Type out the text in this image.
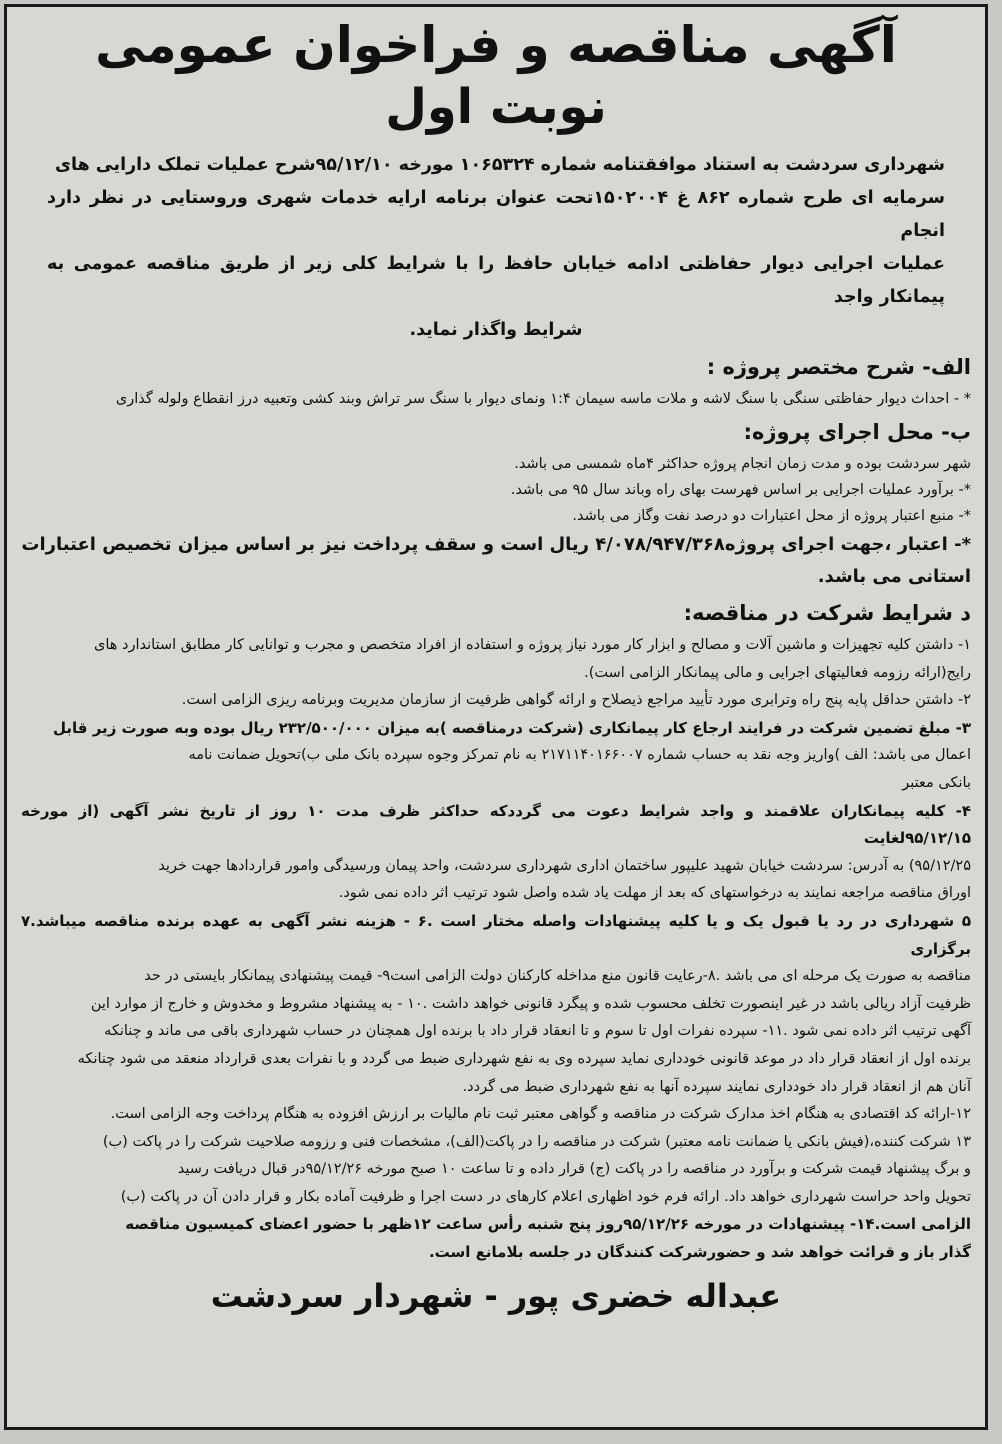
آگهی مناقصه و فراخوان عمومی
نوبت اول
شهرداری سردشت به استناد موافقتنامه شماره ۱۰۶۵۳۲۴ مورخه ۹۵/۱۲/۱۰شرح عملیات تملک دارایی های
سرمایه ای طرح شماره ۸۶۲ غ ۱۵۰۲۰۰۴تحت عنوان برنامه ارایه خدمات شهری وروستایی در نظر دارد انجام
عملیات اجرایی دیوار حفاظتی ادامه خیابان حافظ را با شرایط کلی زیر از طریق مناقصه عمومی به پیمانکار واجد
شرایط واگذار نماید.
الف- شرح مختصر پروژه :

* - احداث دیوار حفاظتی سنگی با سنگ لاشه و ملات ماسه سیمان ۱:۴ ونمای دیوار با سنگ سر تراش وبند کشی وتعبیه درز انقطاع ولوله گذاری

ب- محل اجرای پروژه:

شهر سردشت بوده و مدت زمان انجام پروژه حداکثر ۴ماه شمسی می باشد.

*- برآورد عملیات اجرایی بر اساس فهرست بهای راه وباند سال ۹۵ می باشد.

*- منبع اعتبار پروژه از محل اعتبارات دو درصد نفت وگاز می باشد.

*- اعتبار ،جهت اجرای پروژه۴/۰۷۸/۹۴۷/۳۶۸ ریال است و سقف پرداخت نیز بر اساس میزان تخصیص اعتبارات

استانی می باشد.

د شرایط شرکت در مناقصه:

۱- داشتن کلیه تجهیزات و ماشین آلات و مصالح و ابزار کار مورد نیاز پروژه و استفاده از افراد متخصص و مجرب و توانایی کار مطابق استاندارد های

رایج(ارائه رزومه فعالیتهای اجرایی و مالی پیمانکار الزامی است).

۲- داشتن حداقل پایه پنج راه وترابری مورد تأیید مراجع ذیصلاح و ارائه گواهی ظرفیت از سازمان مدیریت وبرنامه ریزی الزامی است.

۳- مبلغ تضمین شرکت در فرایند ارجاع کار پیمانکاری (شرکت درمناقصه )به میزان ۲۳۲/۵۰۰/۰۰۰ ریال بوده وبه صورت زیر قابل

اعمال می باشد: الف )واریز وجه نقد به حساب شماره ۲۱۷۱۱۴۰۱۶۶۰۰۷ به نام تمرکز وجوه سپرده بانک ملی ب)تحویل ضمانت نامه

بانکی معتبر

۴- کلیه پیمانکاران علاقمند و واجد شرایط دعوت می گرددکه حداکثر ظرف مدت ۱۰ روز از تاریخ نشر آگهی (از مورخه ۹۵/۱۲/۱۵لغایت

۹۵/۱۲/۲۵) به آدرس: سردشت خیابان شهید علیپور ساختمان اداری شهرداری سردشت، واحد پیمان ورسیدگی وامور قراردادها جهت خرید

اوراق مناقصه مراجعه نمایند به درخواستهای که بعد از مهلت یاد شده واصل شود ترتیب اثر داده نمی شود.

۵ شهرداری در رد یا قبول یک و یا کلیه پیشنهادات واصله مختار است .۶ - هزینه نشر آگهی به عهده برنده مناقصه میباشد.۷ برگزاری

مناقصه به صورت یک مرحله ای می باشد .۸-رعایت قانون منع مداخله کارکنان دولت الزامی است۹- قیمت پیشنهادی پیمانکار بایستی در حد

ظرفیت آزاد ریالی باشد در غیر اینصورت تخلف محسوب شده و پیگرد قانونی خواهد داشت .۱۰ - به پیشنهاد مشروط و مخدوش و خارج از موارد این

آگهی ترتیب اثر داده نمی شود .۱۱- سپرده نفرات اول تا سوم و تا انعقاد قرار داد با برنده اول همچنان در حساب شهرداری باقی می ماند و چنانکه

برنده اول از انعقاد قرار داد در موعد قانونی خودداری نماید سپرده وی به نفع شهرداری ضبط می گردد و با نفرات بعدی قرارداد منعقد می شود چنانکه

آنان هم از انعقاد قرار داد خودداری نمایند سپرده آنها به نفع شهرداری ضبط می گردد.

۱۲-ارائه کد اقتصادی به هنگام اخذ مدارک شرکت در مناقصه و گواهی معتبر ثبت نام مالیات بر ارزش افزوده به هنگام پرداخت وجه الزامی است.

۱۳ شرکت کننده،(فیش بانکی یا ضمانت نامه معتبر) شرکت در مناقصه را در پاکت(الف)، مشخصات فنی و رزومه صلاحیت شرکت را در پاکت (ب)

و برگ پیشنهاد قیمت شرکت و برآورد در مناقصه را در پاکت (ج) قرار داده و تا ساعت ۱۰ صبح مورخه ۹۵/۱۲/۲۶در قبال دریافت رسید

تحویل واحد حراست شهرداری خواهد داد. ارائه فرم خود اظهاری اعلام کارهای در دست اجرا و ظرفیت آماده بکار و قرار دادن آن در پاکت (ب)

الزامی است.۱۴- پیشنهادات در مورخه ۹۵/۱۲/۲۶روز پنج شنبه رأس ساعت ۱۲ظهر با حضور اعضای کمیسیون مناقصه

گذار باز و قرائت خواهد شد و حضورشرکت کنندگان در جلسه بلامانع است.

عبداله خضری پور - شهردار سردشت
